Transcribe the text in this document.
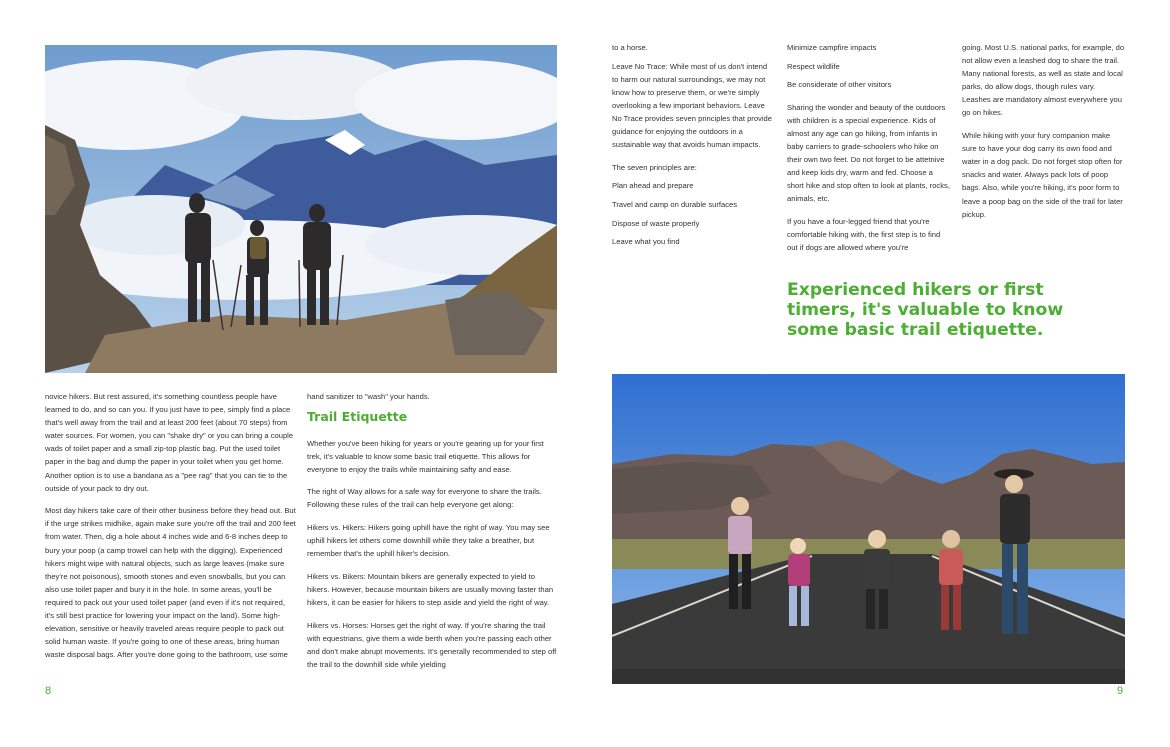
novice hikers. But rest assured, it's something countless people have learned to do, and so can you. If you just have to pee, simply find a place that's well away from the trail and at least 200 feet (about 70 steps) from water sources. For women, you can "shake dry" or you can bring a couple wads of toilet paper and a small zip-top plastic bag. Put the used toilet paper in the bag and dump the paper in your toilet when you get home. Another option is to use a bandana as a "pee rag" that you can tie to the outside of your pack to dry out.

Most day hikers take care of their other business before they head out. But if the urge strikes midhike, again make sure you're off the trail and 200 feet from water. Then, dig a hole about 4 inches wide and 6-8 inches deep to bury your poop (a camp trowel can help with the digging). Experienced hikers might wipe with natural objects, such as large leaves (make sure they're not poisonous), smooth stones and even snowballs, but you can also use toilet paper and bury it in the hole. In some areas, you'll be required to pack out your used toilet paper (and even if it's not required, it's still best practice for lowering your impact on the land). Some high-elevation, sensitive or heavily traveled areas require people to pack out solid human waste. If you're going to one of these areas, bring human waste disposal bags. After you're done going to the bathroom, use some

hand sanitizer to "wash" your hands.

Trail Etiquette

Whether you've been hiking for years or you're gearing up for your first trek, it's valuable to know some basic trail etiquette. This allows for everyone to enjoy the trails while maintaining safty and ease.

The right of Way allows for a safe way for everyone to share the trails. Following these rules of the trail can help everyone get along:

Hikers vs. Hikers: Hikers going uphill have the right of way. You may see uphill hikers let others come downhill while they take a breather, but remember that's the uphill hiker's decision.

Hikers vs. Bikers: Mountain bikers are generally expected to yield to hikers. However, because mountain bikers are usually moving faster than hikers, it can be easier for hikers to step aside and yield the right of way.

Hikers vs. Horses: Horses get the right of way. If you're sharing the trail with equestrians, give them a wide berth when you're passing each other and don't make abrupt movements. It's generally recommended to step off the trail to the downhill side while yielding

8

to a horse.

Leave No Trace: While most of us don't intend to harm our natural surroundings, we may not know how to preserve them, or we're simply overlooking a few important behaviors. Leave No Trace provides seven principles that provide guidance for enjoying the outdoors in a sustainable way that avoids human impacts.

The seven principles are:

Plan ahead and prepare

Travel and camp on durable surfaces

Dispose of waste properly

Leave what you find

Minimize campfire impacts

Respect wildlife

Be considerate of other visitors

Sharing the wonder and beauty of the outdoors with children is a special experience. Kids of almost any age can go hiking, from infants in baby carriers to grade-schoolers who hike on their own two feet. Do not forget to be attetnive and keep kids dry, warm and fed. Choose a short hike and stop often to look at plants, rocks, animals, etc.

If you have a four-legged friend that you're comfortable hiking with, the first step is to find out if dogs are allowed where you're

going. Most U.S. national parks, for example, do not allow even a leashed dog to share the trail. Many national forests, as well as state and local parks, do allow dogs, though rules vary. Leashes are mandatory almost everywhere you go on hikes.

While hiking with your fury companion make sure to have your dog carry its own food and water in a dog pack. Do not forget stop often for snacks and water. Always pack lots of poop bags. Also, while you're hiking, it's poor form to leave a poop bag on the side of the trail for later pickup.

Experienced hikers or first timers, it's valuable to know some basic trail etiquette.
9
